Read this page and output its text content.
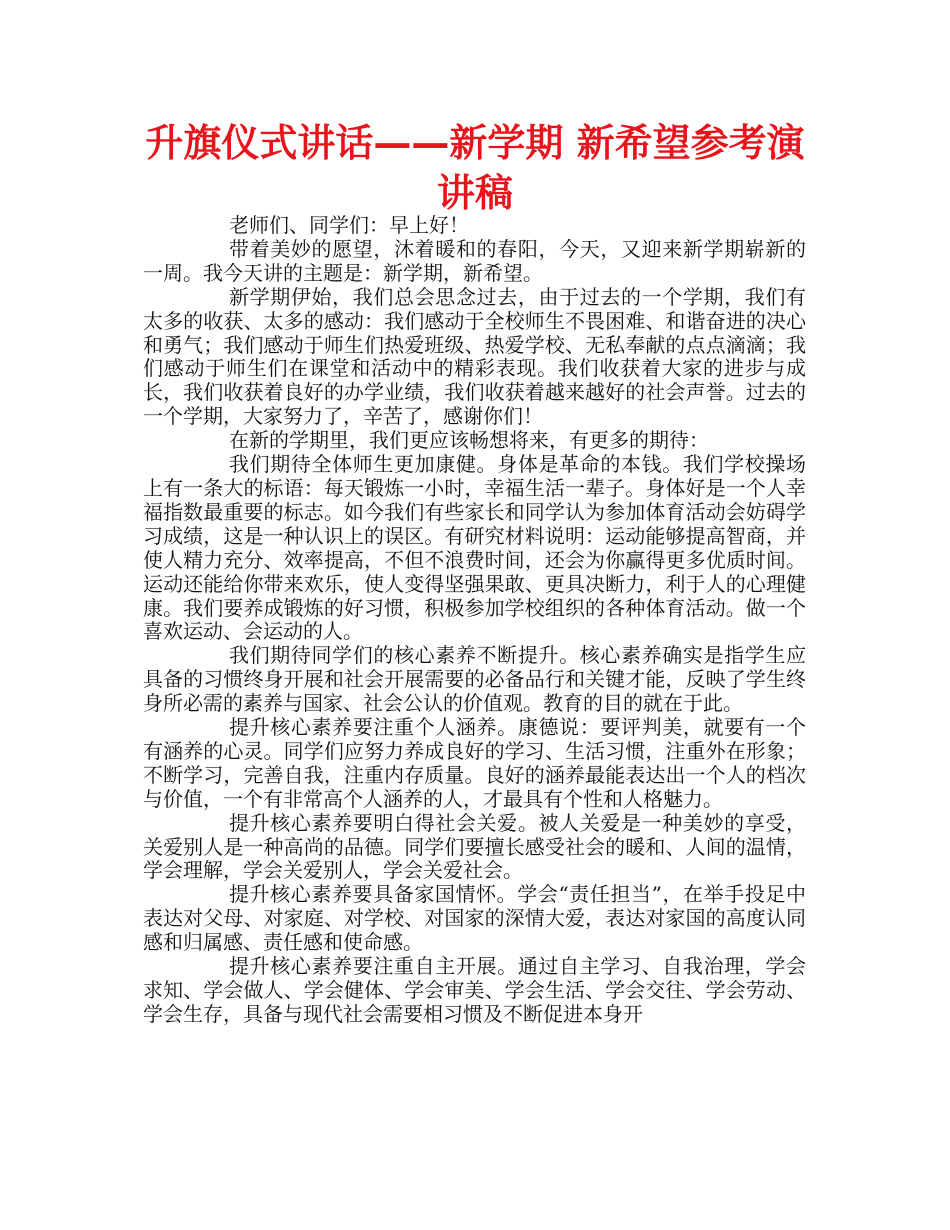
升旗仪式讲话——新学期 新希望参考演讲稿

老师们、同学们：早上好！

带着美妙的愿望，沐着暖和的春阳，今天，又迎来新学期崭新的一周。我今天讲的主题是：新学期，新希望。

新学期伊始，我们总会思念过去，由于过去的一个学期，我们有太多的收获、太多的感动：我们感动于全校师生不畏困难、和谐奋进的决心和勇气；我们感动于师生们热爱班级、热爱学校、无私奉献的点点滴滴；我们感动于师生们在课堂和活动中的精彩表现。我们收获着大家的进步与成长，我们收获着良好的办学业绩，我们收获着越来越好的社会声誉。过去的一个学期，大家努力了，辛苦了，感谢你们！

在新的学期里，我们更应该畅想将来，有更多的期待：

我们期待全体师生更加康健。身体是革命的本钱。我们学校操场上有一条大的标语：每天锻炼一小时，幸福生活一辈子。身体好是一个人幸福指数最重要的标志。如今我们有些家长和同学认为参加体育活动会妨碍学习成绩，这是一种认识上的误区。有研究材料说明：运动能够提高智商，并使人精力充分、效率提高，不但不浪费时间，还会为你赢得更多优质时间。运动还能给你带来欢乐，使人变得坚强果敢、更具决断力，利于人的心理健康。我们要养成锻炼的好习惯，积极参加学校组织的各种体育活动。做一个喜欢运动、会运动的人。

我们期待同学们的核心素养不断提升。核心素养确实是指学生应具备的习惯终身开展和社会开展需要的必备品行和关键才能，反映了学生终身所必需的素养与国家、社会公认的价值观。教育的目的就在于此。

提升核心素养要注重个人涵养。康德说：要评判美，就要有一个有涵养的心灵。同学们应努力养成良好的学习、生活习惯，注重外在形象；不断学习，完善自我，注重内存质量。良好的涵养最能表达出一个人的档次与价值，一个有非常高个人涵养的人，才最具有个性和人格魅力。

提升核心素养要明白得社会关爱。被人关爱是一种美妙的享受，关爱别人是一种高尚的品德。同学们要擅长感受社会的暖和、人间的温情，学会理解，学会关爱别人，学会关爱社会。

提升核心素养要具备家国情怀。学会“责任担当”，在举手投足中表达对父母、对家庭、对学校、对国家的深情大爱，表达对家国的高度认同感和归属感、责任感和使命感。

提升核心素养要注重自主开展。通过自主学习、自我治理，学会求知、学会做人、学会健体、学会审美、学会生活、学会交往、学会劳动、学会生存，具备与现代社会需要相习惯及不断促进本身开
